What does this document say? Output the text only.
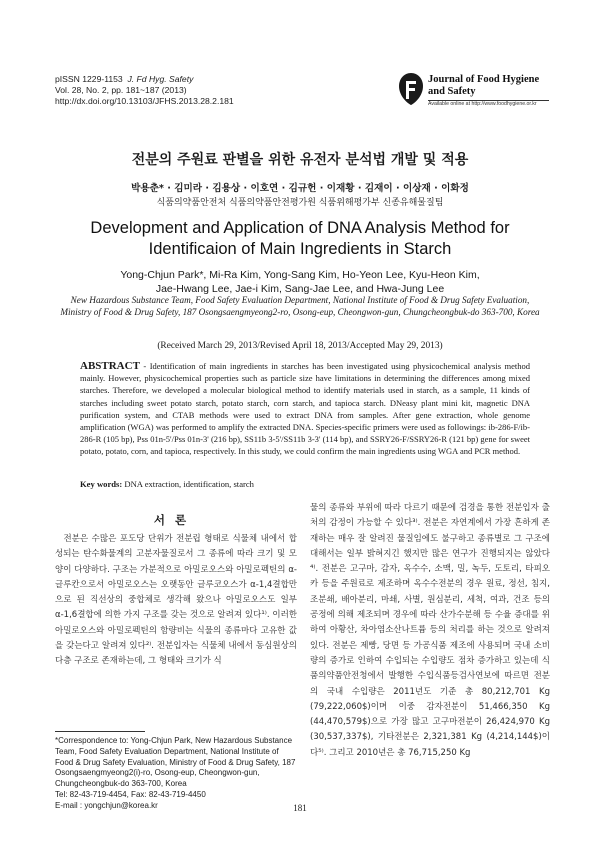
pISSN 1229-1153 J. Fd Hyg. Safety
Vol. 28, No. 2, pp. 181~187 (2013)
http://dx.doi.org/10.13103/JFHS.2013.28.2.181
Journal of Food Hygiene
and Safety
Available online at http://www.foodhygiene.or.kr
전분의 주원료 판별을 위한 유전자 분석법 개발 및 적용
박용춘* · 김미라 · 김용상 · 이호연 · 김규헌 · 이재황 · 김재이 · 이상재 · 이화정
식품의약품안전처 식품의약품안전평가원 식품위해평가부 신종유해물질팀
Development and Application of DNA Analysis Method for
Identificaion of Main Ingredients in Starch
Yong-Chjun Park*, Mi-Ra Kim, Yong-Sang Kim, Ho-Yeon Lee, Kyu-Heon Kim,
Jae-Hwang Lee, Jae-i Kim, Sang-Jae Lee, and Hwa-Jung Lee
New Hazardous Substance Team, Food Safety Evaluation Department, National Institute of Food & Drug Safety Evaluation, Ministry of Food & Drug Safety, 187 Osongsaengmyeong2-ro, Osong-eup, Cheongwon-gun, Chungcheongbuk-do 363-700, Korea
(Received March 29, 2013/Revised April 18, 2013/Accepted May 29, 2013)
ABSTRACT - Identification of main ingredients in starches has been investigated using physicochemical analysis method mainly. However, physicochemical properties such as particle size have limitations in determining the differences among mixed starches. Therefore, we developed a molecular biological method to identify materials used in starch, as a sample, 11 kinds of starches including sweet potato starch, potato starch, corn starch, and tapioca starch. DNeasy plant mini kit, magnetic DNA purification system, and CTAB methods were used to extract DNA from samples. After gene extraction, whole genome amplification (WGA) was performed to amplify the extracted DNA. Species-specific primers were used as followings: ib-286-F/ib-286-R (105 bp), Pss 01n-5'/Pss 01n-3' (216 bp), SS11b 3-5'/SS11b 3-3' (114 bp), and SSRY26-F/SSRY26-R (121 bp) gene for sweet potato, potato, corn, and tapioca, respectively. In this study, we could confirm the main ingredients using WGA and PCR method.
Key words: DNA extraction, identification, starch
서론

전분은 수많은 포도당 단위가 전분립 형태로 식물체 내에서 합성되는 탄수화물계의 고분자물질로서 그 종류에 따라 크기 및 모양이 다양하다. 구조는 가분적으로 아밀로오스와 아밀로펙틴의 α-글루칸으로서 아밀로오스는 오랫동안 글루코오스가 α-1,4결합만으로 된 직선상의 중합체로 생각해 왔으나 아밀로오스도 일부 α-1,6결합에 의한 가지 구조를 갖는 것으로 알려져 있다¹⁾. 이러한 아밀로오스와 아밀로펙틴의 함량비는 식물의 종류마다 고유한 값을 갖는다고 알려져 있다²⁾. 전분입자는 식물체 내에서 동심원상의 다층 구조로 존재하는데, 그 형태와 크기가 식

물의 종류와 부위에 따라 다르기 때문에 검경을 통한 전분입자 출처의 감정이 가능할 수 있다³⁾. 전분은 자연계에서 가장 흔하게 존재하는 매우 잘 알려진 물질임에도 불구하고 종류별로 그 구조에 대해서는 일부 밝혀지긴 했지만 많은 연구가 진행되지는 않았다⁴⁾. 전분은 고구마, 감자, 옥수수, 소맥, 밀, 녹두, 도토리, 타피오카 등을 주원료로 제조하며 옥수수전분의 경우 원료, 정선, 침지, 조분쇄, 배아분리, 마쇄, 사별, 원심분리, 세척, 여과, 건조 등의 공정에 의해 제조되며 경우에 따라 산가수분해 등 수율 증대를 위하여 아황산, 차아염소산나트륨 등의 처리를 하는 것으로 알려져 있다. 전분은 제빵, 당면 등 가공식품 제조에 사용되며 국내 소비량의 증가로 인하여 수입되는 수입량도 점차 증가하고 있는데 식품의약품안전청에서 발행한 수입식품등검사연보에 따르면 전분의 국내 수입량은 2011년도 기준 총 80,212,701 Kg (79,222,060$)이며 이중 감자전분이 51,466,350 Kg (44,470,579$)으로 가장 많고 고구마전분이 26,424,970 Kg (30,537,337$), 기타전분은 2,321,381 Kg (4,214,144$)이다⁵⁾. 그리고 2010년은 총 76,715,250 Kg

*Correspondence to: Yong-Chjun Park, New Hazardous Substance Team, Food Safety Evaluation Department, National Institute of Food & Drug Safety Evaluation, Ministry of Food & Drug Safety, 187 Osongsaengmyeong2(i)-ro, Osong-eup, Cheongwon-gun, Chungcheongbuk-do 363-700, Korea
Tel: 82-43-719-4454, Fax: 82-43-719-4450
E-mail : yongchjun@korea.kr	181
